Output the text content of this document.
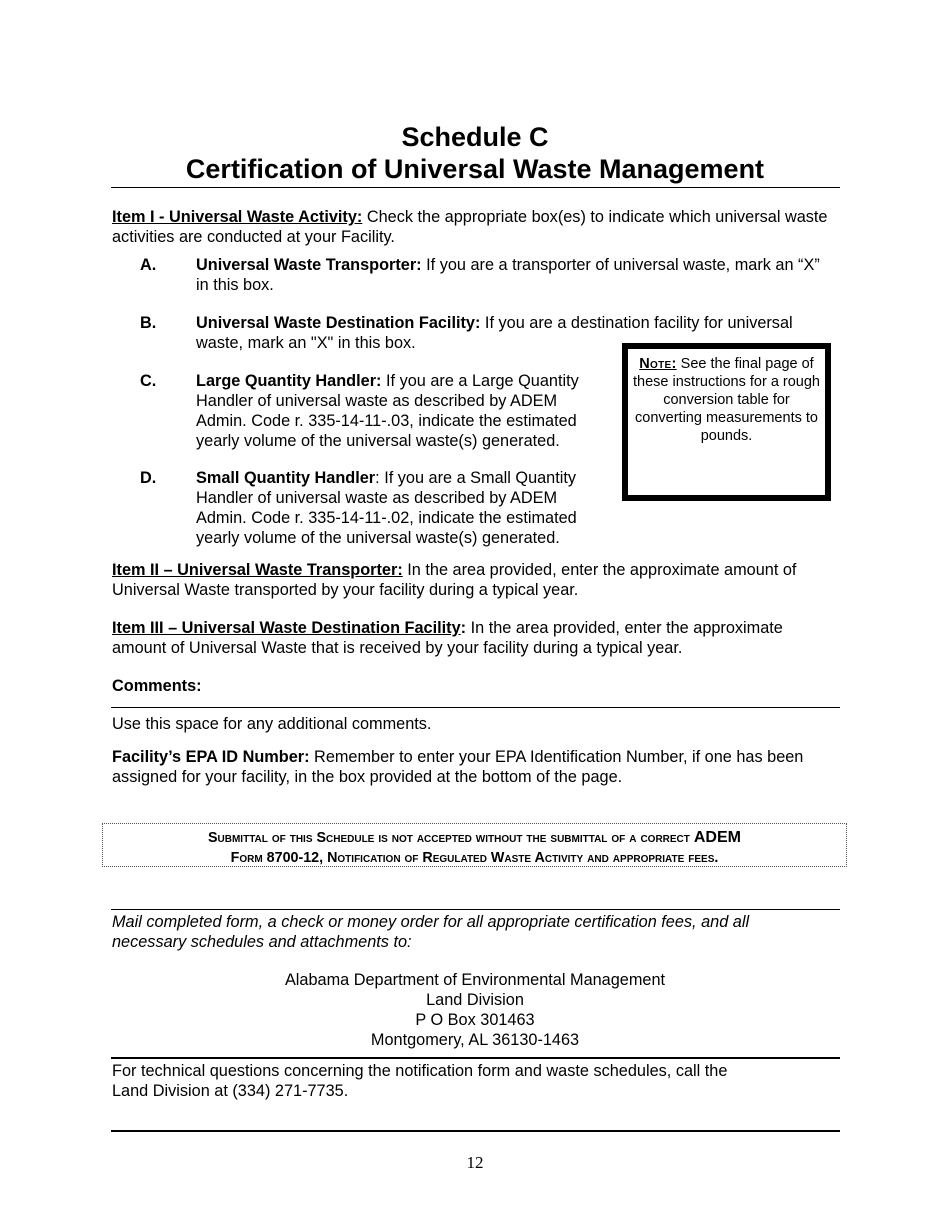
Schedule C
Certification of Universal Waste Management
Item I - Universal Waste Activity: Check the appropriate box(es) to indicate which universal waste activities are conducted at your Facility.
A. Universal Waste Transporter: If you are a transporter of universal waste, mark an “X” in this box.
B. Universal Waste Destination Facility: If you are a destination facility for universal waste, mark an "X" in this box.
C. Large Quantity Handler: If you are a Large Quantity Handler of universal waste as described by ADEM Admin. Code r. 335-14-11-.03, indicate the estimated yearly volume of the universal waste(s) generated.
D. Small Quantity Handler: If you are a Small Quantity Handler of universal waste as described by ADEM Admin. Code r. 335-14-11-.02, indicate the estimated yearly volume of the universal waste(s) generated.
Note: See the final page of these instructions for a rough conversion table for converting measurements to pounds.
Item II – Universal Waste Transporter: In the area provided, enter the approximate amount of Universal Waste transported by your facility during a typical year.
Item III – Universal Waste Destination Facility: In the area provided, enter the approximate amount of Universal Waste that is received by your facility during a typical year.
Comments:
Use this space for any additional comments.
Facility’s EPA ID Number: Remember to enter your EPA Identification Number, if one has been assigned for your facility, in the box provided at the bottom of the page.
Submittal of this Schedule is not accepted without the submittal of a correct ADEM
Form 8700-12, Notification of Regulated Waste Activity and appropriate fees.
Mail completed form, a check or money order for all appropriate certification fees, and all necessary schedules and attachments to:
Alabama Department of Environmental Management
Land Division
P O Box 301463
Montgomery, AL 36130-1463
For technical questions concerning the notification form and waste schedules, call the
Land Division at (334) 271-7735.
12
